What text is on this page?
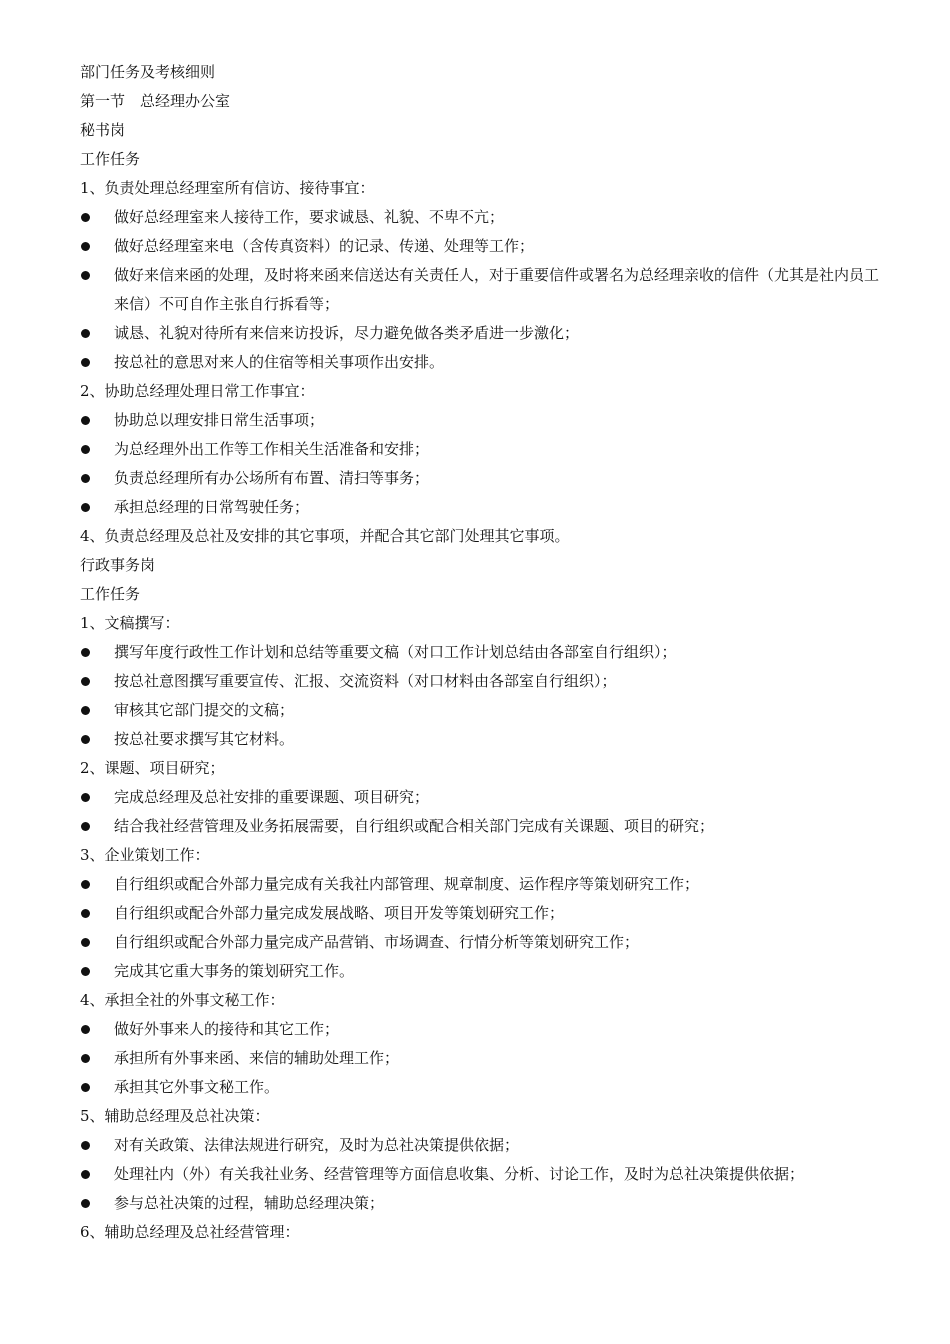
部门任务及考核细则
第一节　总经理办公室
秘书岗
工作任务
1、负责处理总经理室所有信访、接待事宜：
做好总经理室来人接待工作，要求诚恳、礼貌、不卑不亢；
做好总经理室来电（含传真资料）的记录、传递、处理等工作；
做好来信来函的处理，及时将来函来信送达有关责任人，对于重要信件或署名为总经理亲收的信件（尤其是社内员工来信）不可自作主张自行拆看等；
诚恳、礼貌对待所有来信来访投诉，尽力避免做各类矛盾进一步激化；
按总社的意思对来人的住宿等相关事项作出安排。
2、协助总经理处理日常工作事宜：
协助总以理安排日常生活事项；
为总经理外出工作等工作相关生活准备和安排；
负责总经理所有办公场所有布置、清扫等事务；
承担总经理的日常驾驶任务；
4、负责总经理及总社及安排的其它事项，并配合其它部门处理其它事项。
行政事务岗
工作任务
1、文稿撰写：
撰写年度行政性工作计划和总结等重要文稿（对口工作计划总结由各部室自行组织）；
按总社意图撰写重要宣传、汇报、交流资料（对口材料由各部室自行组织）；
审核其它部门提交的文稿；
按总社要求撰写其它材料。
2、课题、项目研究；
完成总经理及总社安排的重要课题、项目研究；
结合我社经营管理及业务拓展需要，自行组织或配合相关部门完成有关课题、项目的研究；
3、企业策划工作：
自行组织或配合外部力量完成有关我社内部管理、规章制度、运作程序等策划研究工作；
自行组织或配合外部力量完成发展战略、项目开发等策划研究工作；
自行组织或配合外部力量完成产品营销、市场调查、行情分析等策划研究工作；
完成其它重大事务的策划研究工作。
4、承担全社的外事文秘工作：
做好外事来人的接待和其它工作；
承担所有外事来函、来信的辅助处理工作；
承担其它外事文秘工作。
5、辅助总经理及总社决策：
对有关政策、法律法规进行研究，及时为总社决策提供依据；
处理社内（外）有关我社业务、经营管理等方面信息收集、分析、讨论工作，及时为总社决策提供依据；
参与总社决策的过程，辅助总经理决策；
6、辅助总经理及总社经营管理：
